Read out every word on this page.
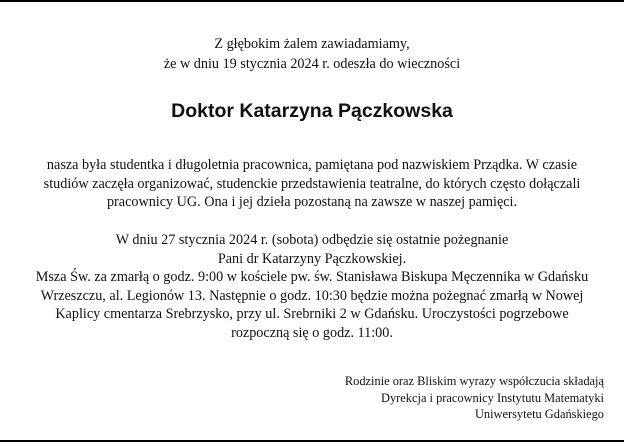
Z głębokim żalem zawiadamiamy,
że w dniu 19 stycznia 2024 r. odeszła do wieczności
Doktor Katarzyna Pączkowska
nasza była studentka i długoletnia pracownica, pamiętana pod nazwiskiem Prządka. W czasie
studiów zaczęła organizować, studenckie przedstawienia teatralne, do których często dołączali
pracownicy UG. Ona i jej dzieła pozostaną na zawsze w naszej pamięci.
W dniu 27 stycznia 2024 r. (sobota) odbędzie się ostatnie pożegnanie
Pani dr Katarzyny Pączkowskiej.
Msza Św. za zmarłą o godz. 9:00 w kościele pw. św. Stanisława Biskupa Męczennika w Gdańsku
Wrzeszczu, al. Legionów 13. Następnie o godz. 10:30 będzie można pożegnać zmarłą w Nowej
Kaplicy cmentarza Srebrzysko, przy ul. Srebrniki 2 w Gdańsku. Uroczystości pogrzebowe
rozpoczną się o godz. 11:00.
Rodzinie oraz Bliskim wyrazy współczucia składają
Dyrekcja i pracownicy Instytutu Matematyki
Uniwersytetu Gdańskiego
